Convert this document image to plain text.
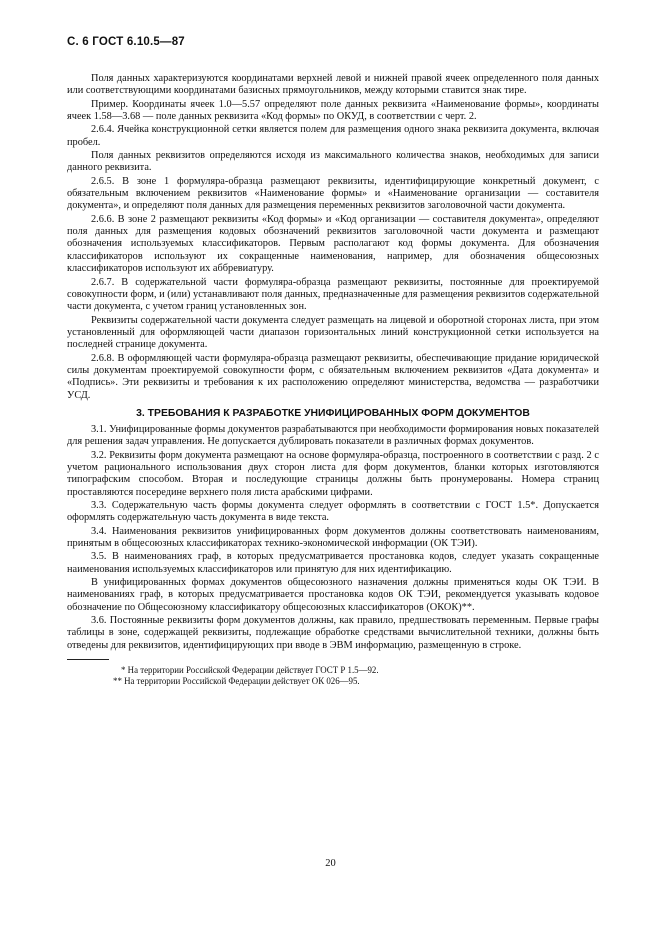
С. 6 ГОСТ 6.10.5—87

Поля данных характеризуются координатами верхней левой и нижней правой ячеек определенного поля данных или соответствующими координатами базисных прямоугольников, между которыми ставится знак тире.

Пример. Координаты ячеек 1.0—5.57 определяют поле данных реквизита «Наименование формы», координаты ячеек 1.58—3.68 — поле данных реквизита «Код формы» по ОКУД, в соответствии с черт. 2.

2.6.4. Ячейка конструкционной сетки является полем для размещения одного знака реквизита документа, включая пробел.

Поля данных реквизитов определяются исходя из максимального количества знаков, необходимых для записи данного реквизита.

2.6.5. В зоне 1 формуляра-образца размещают реквизиты, идентифицирующие конкретный документ, с обязательным включением реквизитов «Наименование формы» и «Наименование организации — составителя документа», и определяют поля данных для размещения переменных реквизитов заголовочной части документа.

2.6.6. В зоне 2 размещают реквизиты «Код формы» и «Код организации — составителя документа», определяют поля данных для размещения кодовых обозначений реквизитов заголовочной части документа и размещают обозначения используемых классификаторов. Первым располагают код формы документа. Для обозначения классификаторов используют их сокращенные наименования, например, для обозначения общесоюзных классификаторов используют их аббревиатуру.

2.6.7. В содержательной части формуляра-образца размещают реквизиты, постоянные для проектируемой совокупности форм, и (или) устанавливают поля данных, предназначенные для размещения реквизитов содержательной части документа, с учетом границ установленных зон.

Реквизиты содержательной части документа следует размещать на лицевой и оборотной сторонах листа, при этом установленный для оформляющей части диапазон горизонтальных линий конструкционной сетки используется на последней странице документа.

2.6.8. В оформляющей части формуляра-образца размещают реквизиты, обеспечивающие придание юридической силы документам проектируемой совокупности форм, с обязательным включением реквизитов «Дата документа» и «Подпись». Эти реквизиты и требования к их расположению определяют министерства, ведомства — разработчики УСД.

3. ТРЕБОВАНИЯ К РАЗРАБОТКЕ УНИФИЦИРОВАННЫХ ФОРМ ДОКУМЕНТОВ

3.1. Унифицированные формы документов разрабатываются при необходимости формирования новых показателей для решения задач управления. Не допускается дублировать показатели в различных формах документов.

3.2. Реквизиты форм документа размещают на основе формуляра-образца, построенного в соответствии с разд. 2 с учетом рационального использования двух сторон листа для форм документов, бланки которых изготовляются типографским способом. Вторая и последующие страницы должны быть пронумерованы. Номера страниц проставляются посередине верхнего поля листа арабскими цифрами.

3.3. Содержательную часть формы документа следует оформлять в соответствии с ГОСТ 1.5*. Допускается оформлять содержательную часть документа в виде текста.

3.4. Наименования реквизитов унифицированных форм документов должны соответствовать наименованиям, принятым в общесоюзных классификаторах технико-экономической информации (ОК ТЭИ).

3.5. В наименованиях граф, в которых предусматривается простановка кодов, следует указать сокращенные наименования используемых классификаторов или принятую для них идентификацию.

В унифицированных формах документов общесоюзного назначения должны применяться коды ОК ТЭИ. В наименованиях граф, в которых предусматривается простановка кодов ОК ТЭИ, рекомендуется указывать кодовое обозначение по Общесоюзному классификатору общесоюзных классификаторов (ОКОК)**.

3.6. Постоянные реквизиты форм документов должны, как правило, предшествовать переменным. Первые графы таблицы в зоне, содержащей реквизиты, подлежащие обработке средствами вычислительной техники, должны быть отведены для реквизитов, идентифицирующих при вводе в ЭВМ информацию, размещенную в строке.

* На территории Российской Федерации действует ГОСТ Р 1.5—92.

** На территории Российской Федерации действует ОК 026—95.

20
